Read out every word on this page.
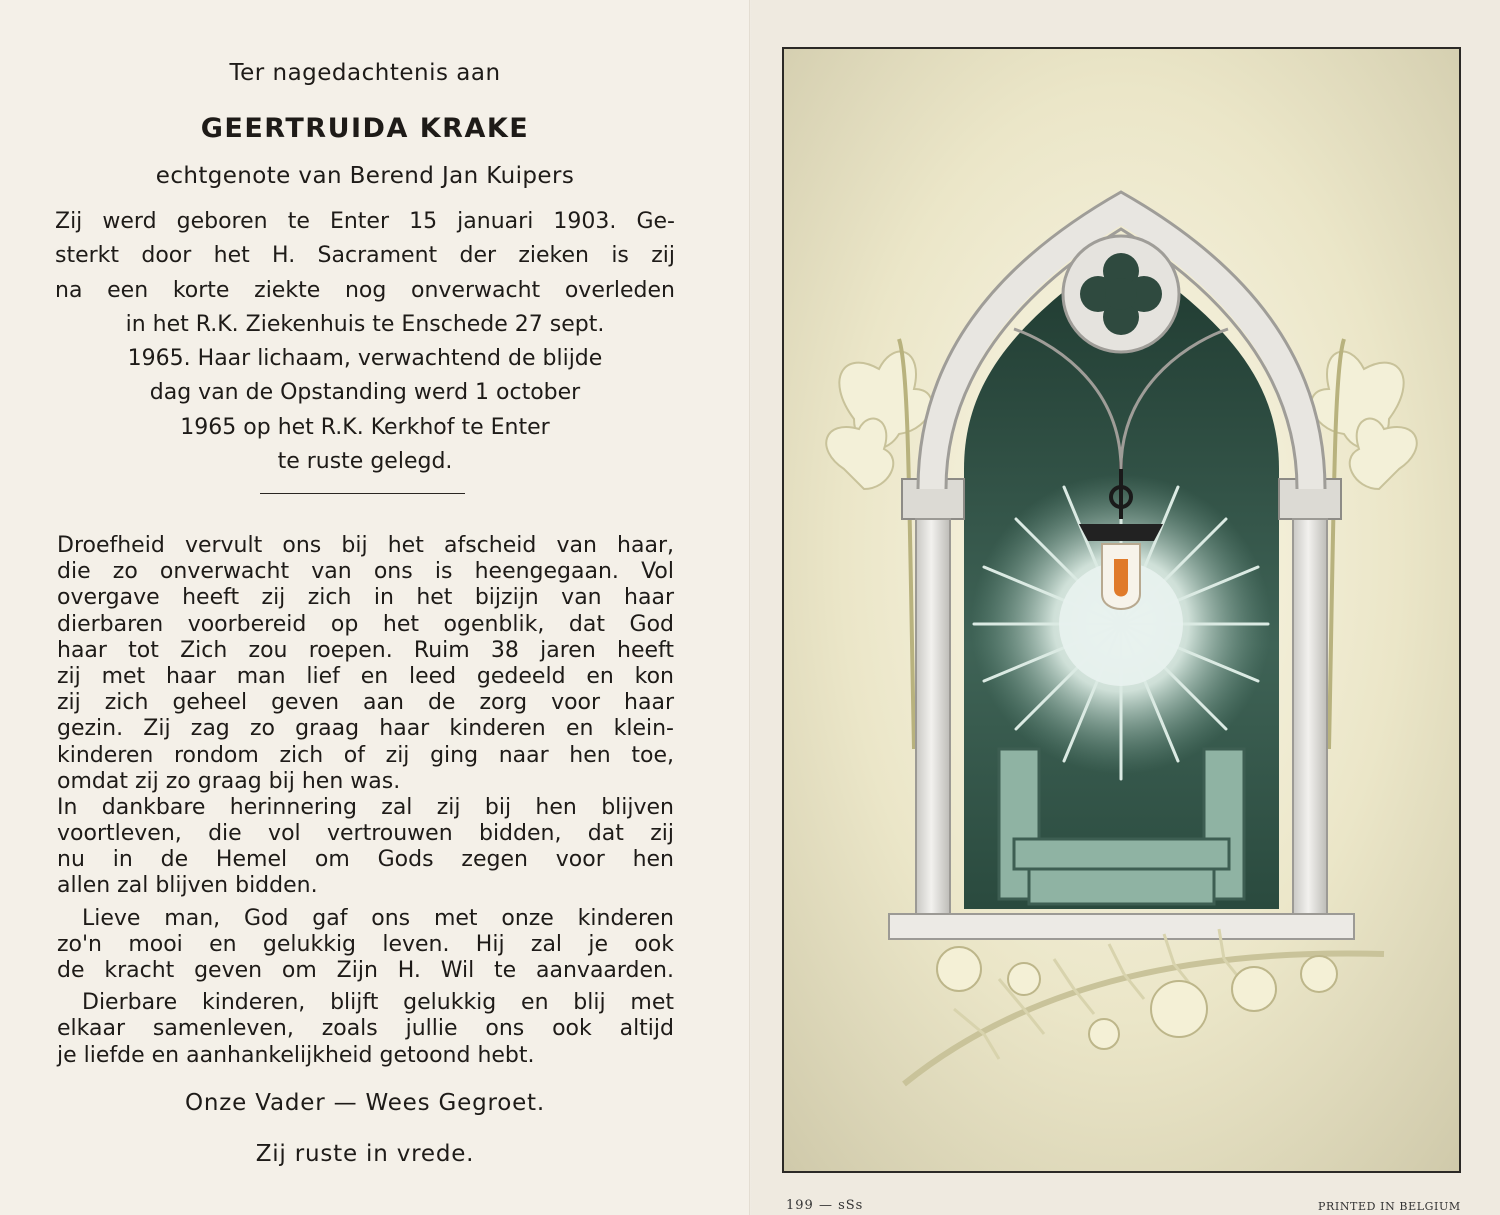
Ter nagedachtenis aan
GEERTRUIDA KRAKE
echtgenote van Berend Jan Kuipers
Zij werd geboren te Enter 15 januari 1903. Ge-
sterkt door het H. Sacrament der zieken is zij
na een korte ziekte nog onverwacht overleden
in het R.K. Ziekenhuis te Enschede 27 sept.
1965. Haar lichaam, verwachtend de blijde
dag van de Opstanding werd 1 october
1965 op het R.K. Kerkhof te Enter
te ruste gelegd.
Droefheid vervult ons bij het afscheid van haar,
die zo onverwacht van ons is heengegaan. Vol
overgave heeft zij zich in het bijzijn van haar
dierbaren voorbereid op het ogenblik, dat God
haar tot Zich zou roepen. Ruim 38 jaren heeft
zij met haar man lief en leed gedeeld en kon
zij zich geheel geven aan de zorg voor haar
gezin. Zij zag zo graag haar kinderen en klein-
kinderen rondom zich of zij ging naar hen toe,
omdat zij zo graag bij hen was.
In dankbare herinnering zal zij bij hen blijven
voortleven, die vol vertrouwen bidden, dat zij
nu in de Hemel om Gods zegen voor hen
allen zal blijven bidden.
Lieve man, God gaf ons met onze kinderen
zo'n mooi en gelukkig leven. Hij zal je ook
de kracht geven om Zijn H. Wil te aanvaarden.
Dierbare kinderen, blijft gelukkig en blij met
elkaar samenleven, zoals jullie ons ook altijd
je liefde en aanhankelijkheid getoond hebt.
Onze Vader — Wees Gegroet.
Zij ruste in vrede.
199 — sSs	PRINTED IN BELGIUM
